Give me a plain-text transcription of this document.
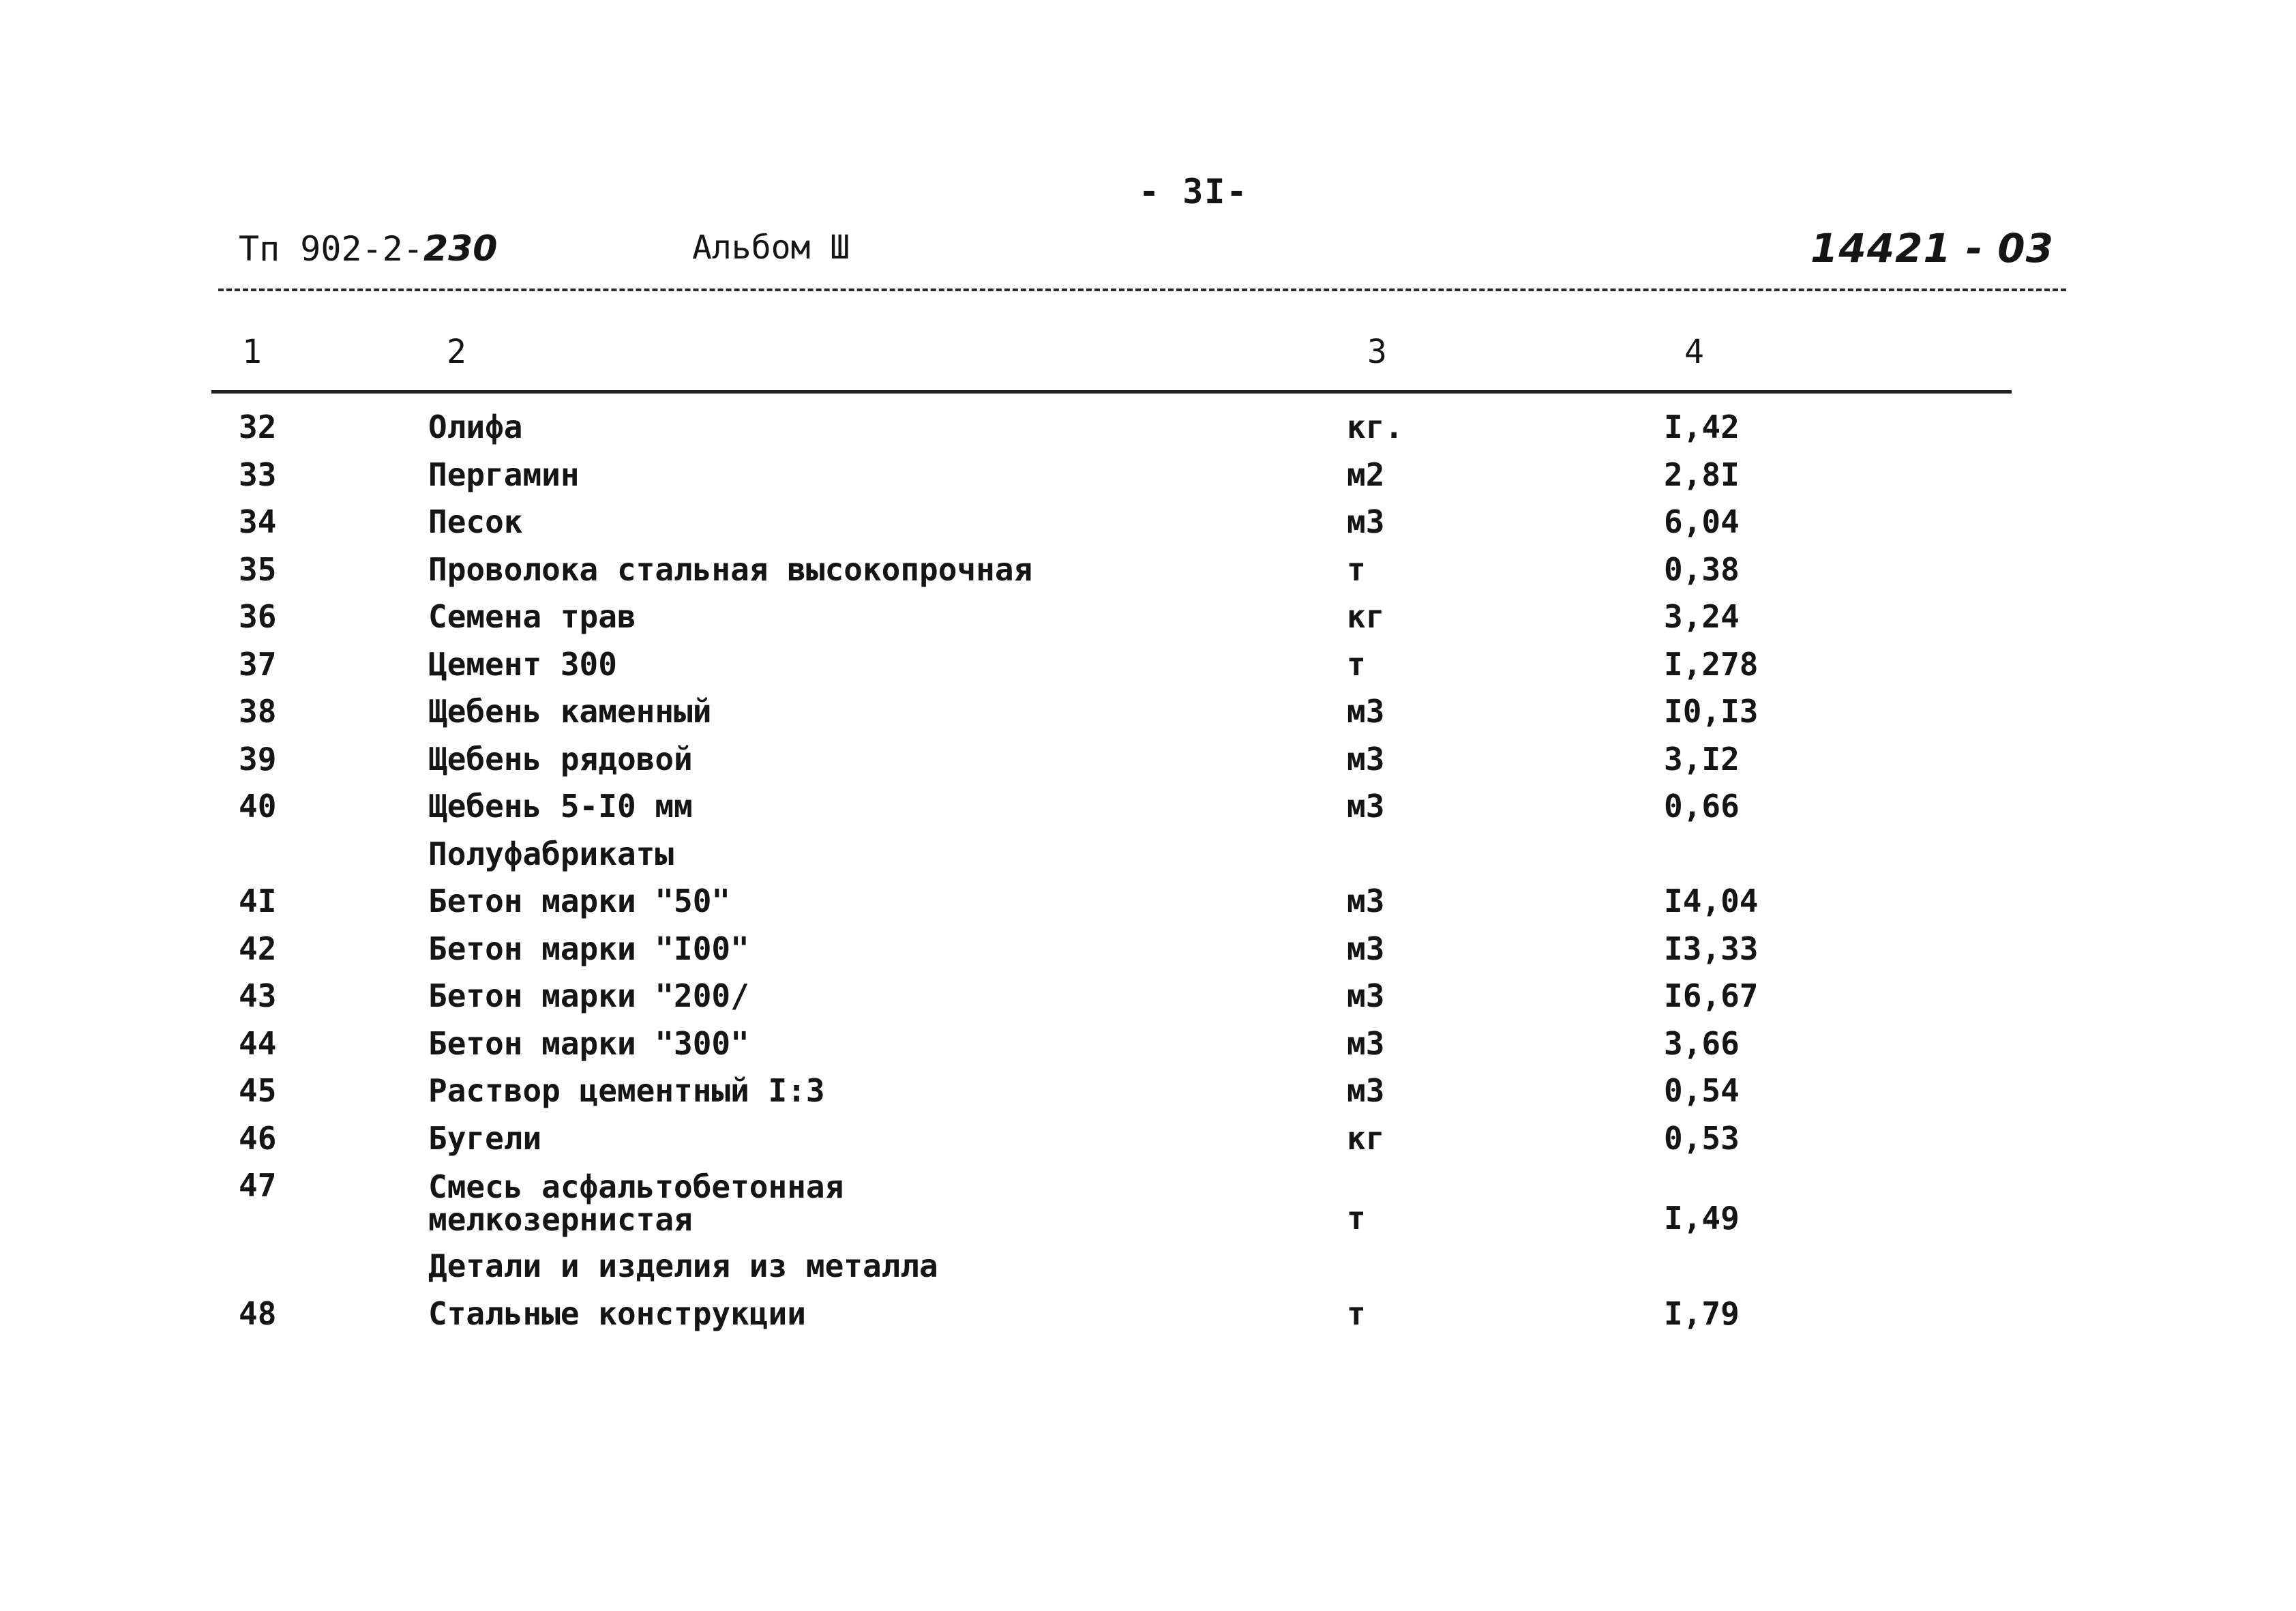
- 3I-
Тп 902-2-230	Альбом Ш	14421 - 03
1	2	3	4
32	Олифа	кг.	I,42
33	Пергамин	м2	2,8I
34	Песок	м3	6,04
35	Проволока стальная высокопрочная	т	0,38
36	Семена трав	кг	3,24
37	Цемент 300	т	I,278
38	Щебень каменный	м3	I0,I3
39	Щебень рядовой	м3	3,I2
40	Щебень 5-I0 мм	м3	0,66
Полуфабрикаты
4I	Бетон марки "50"	м3	I4,04
42	Бетон марки "I00"	м3	I3,33
43	Бетон марки "200/	м3	I6,67
44	Бетон марки "300"	м3	3,66
45	Раствор цементный I:3	м3	0,54
46	Бугели	кг	0,53
47	Смесь асфальтобетонная
мелкозернистая	т	I,49
Детали и изделия из металла
48	Стальные конструкции	т	I,79
